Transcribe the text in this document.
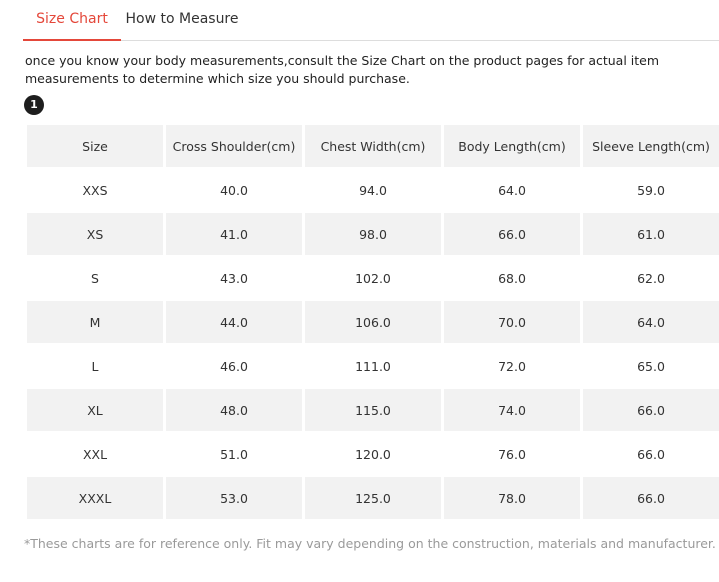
Size Chart	How to Measure
once you know your body measurements,consult the Size Chart on the product pages for actual item measurements to determine which size you should purchase.
1
Size	Cross Shoulder(cm)	Chest Width(cm)	Body Length(cm)	Sleeve Length(cm)
XXS	40.0	94.0	64.0	59.0
XS	41.0	98.0	66.0	61.0
S	43.0	102.0	68.0	62.0
M	44.0	106.0	70.0	64.0
L	46.0	111.0	72.0	65.0
XL	48.0	115.0	74.0	66.0
XXL	51.0	120.0	76.0	66.0
XXXL	53.0	125.0	78.0	66.0
*These charts are for reference only. Fit may vary depending on the construction, materials and manufacturer.
